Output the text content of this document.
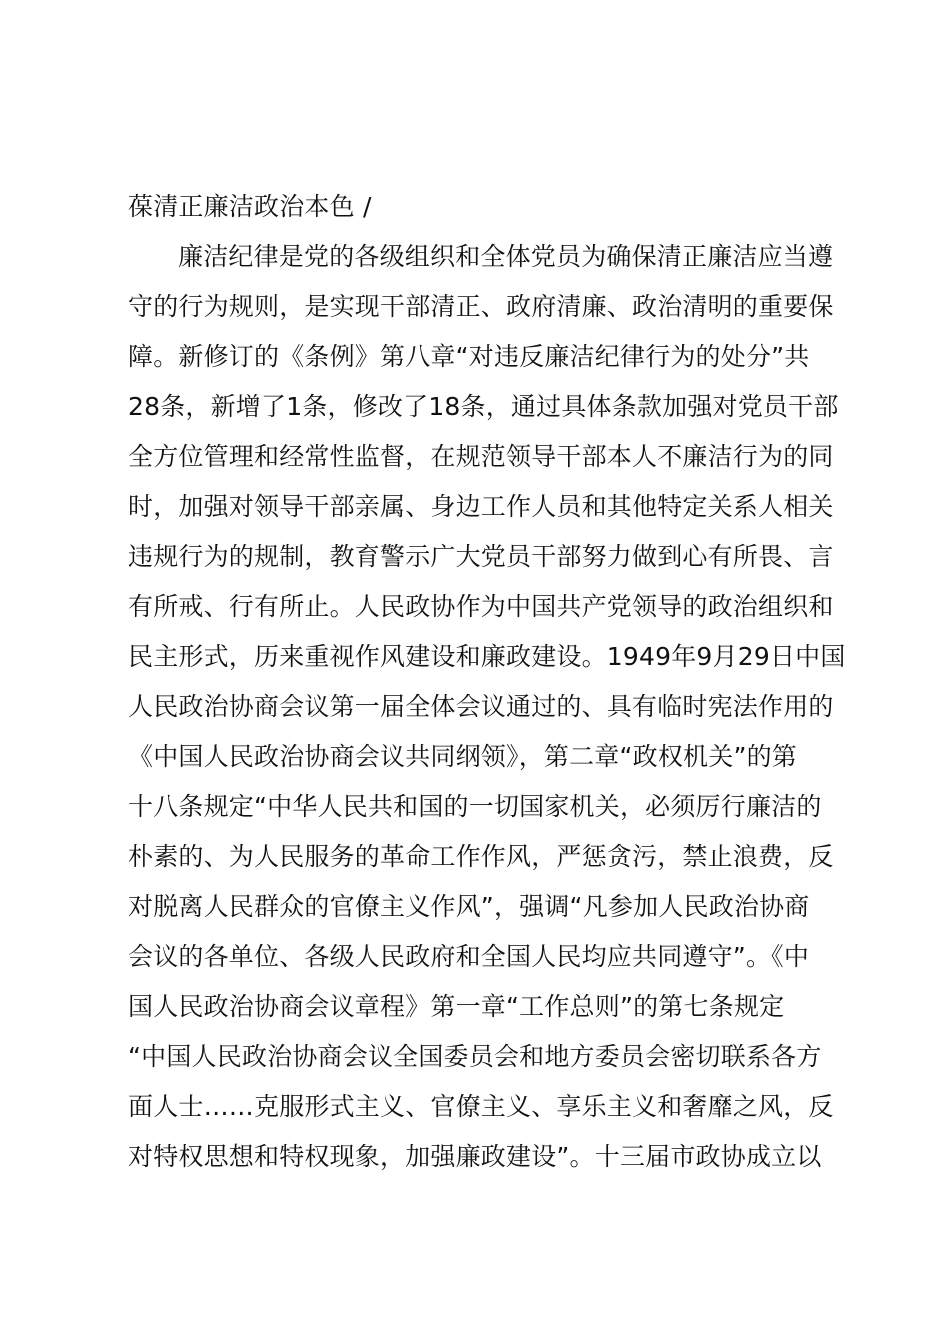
葆清正廉洁政治本色 /
廉洁纪律是党的各级组织和全体党员为确保清正廉洁应当遵
守的行为规则，是实现干部清正、政府清廉、政治清明的重要保
障。新修订的《条例》第八章“对违反廉洁纪律行为的处分”共
28条，新增了1条，修改了18条，通过具体条款加强对党员干部
全方位管理和经常性监督，在规范领导干部本人不廉洁行为的同
时，加强对领导干部亲属、身边工作人员和其他特定关系人相关
违规行为的规制，教育警示广大党员干部努力做到心有所畏、言
有所戒、行有所止。人民政协作为中国共产党领导的政治组织和
民主形式，历来重视作风建设和廉政建设。1949年9月29日中国
人民政治协商会议第一届全体会议通过的、具有临时宪法作用的
《中国人民政治协商会议共同纲领》，第二章“政权机关”的第
十八条规定“中华人民共和国的一切国家机关，必须厉行廉洁的
朴素的、为人民服务的革命工作作风，严惩贪污，禁止浪费，反
对脱离人民群众的官僚主义作风”，强调“凡参加人民政治协商
会议的各单位、各级人民政府和全国人民均应共同遵守”。《中
国人民政治协商会议章程》第一章“工作总则”的第七条规定
“中国人民政治协商会议全国委员会和地方委员会密切联系各方
面人士……克服形式主义、官僚主义、享乐主义和奢靡之风，反
对特权思想和特权现象，加强廉政建设”。十三届市政协成立以
